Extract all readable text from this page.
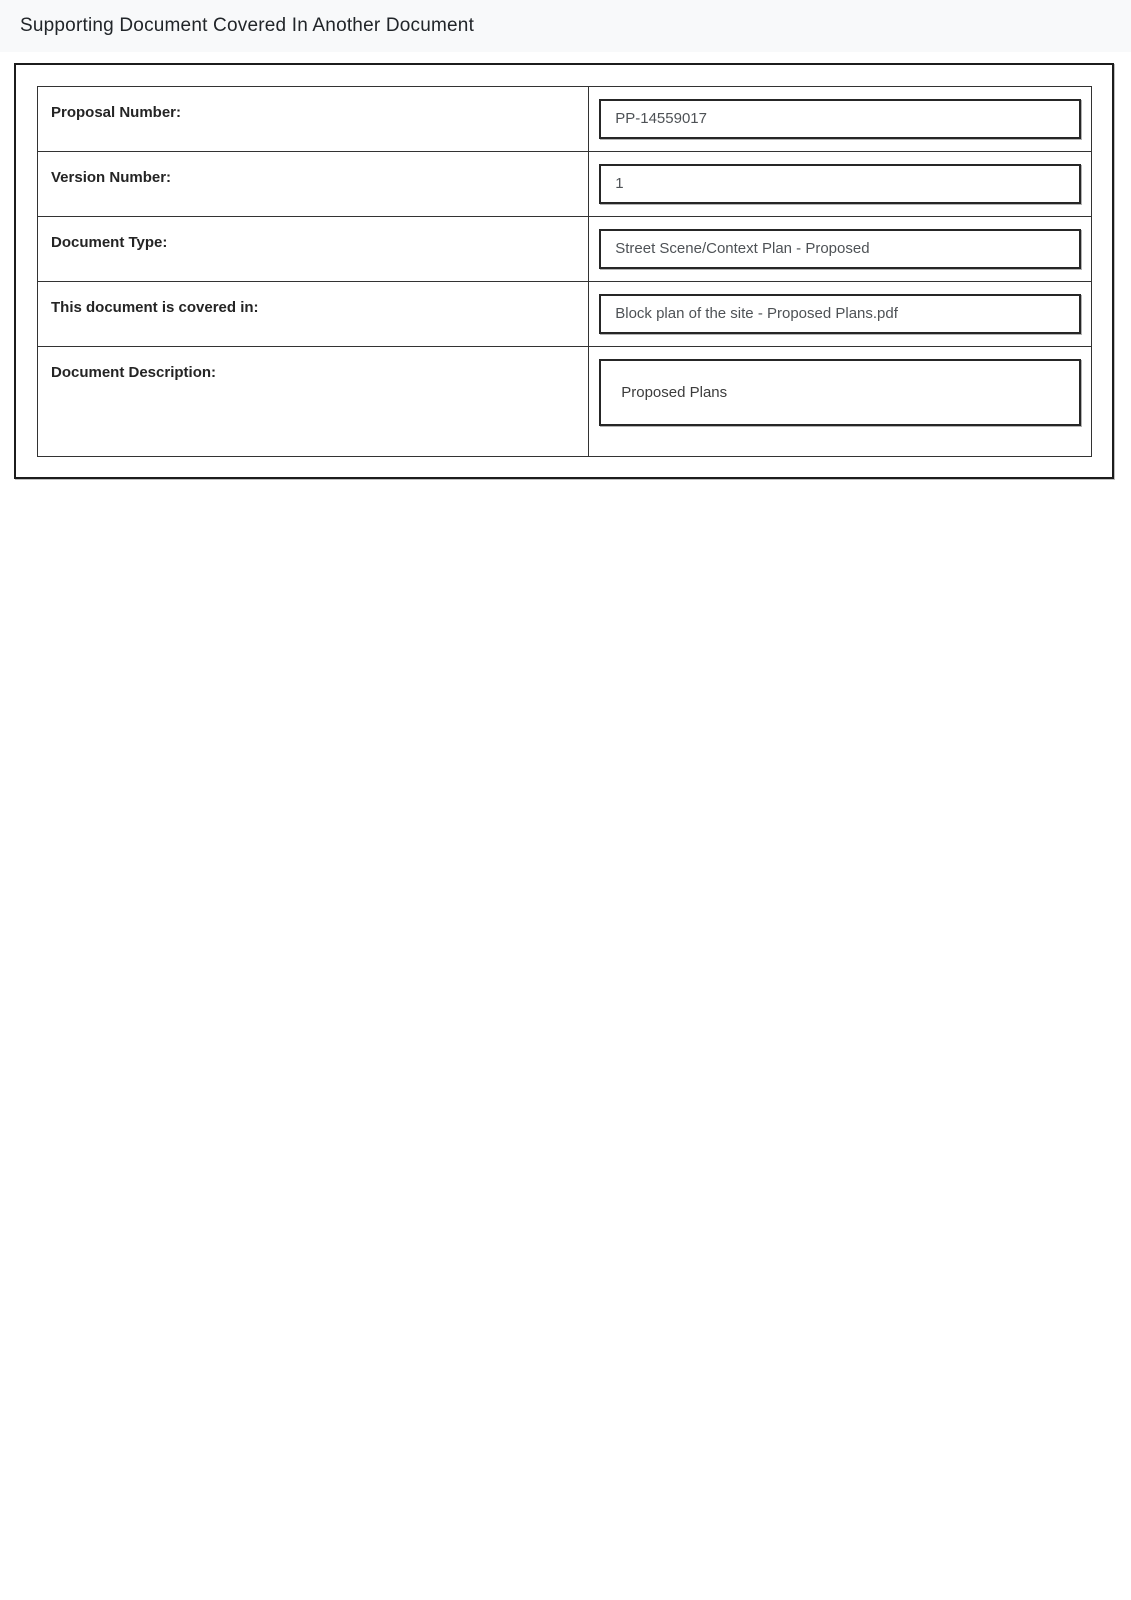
Supporting Document Covered In Another Document
Proposal Number:	PP-14559017

Version Number:	1

Document Type:	Street Scene/Context Plan - Proposed

This document is covered in:	Block plan of the site - Proposed Plans.pdf

Document Description:	Proposed Plans
